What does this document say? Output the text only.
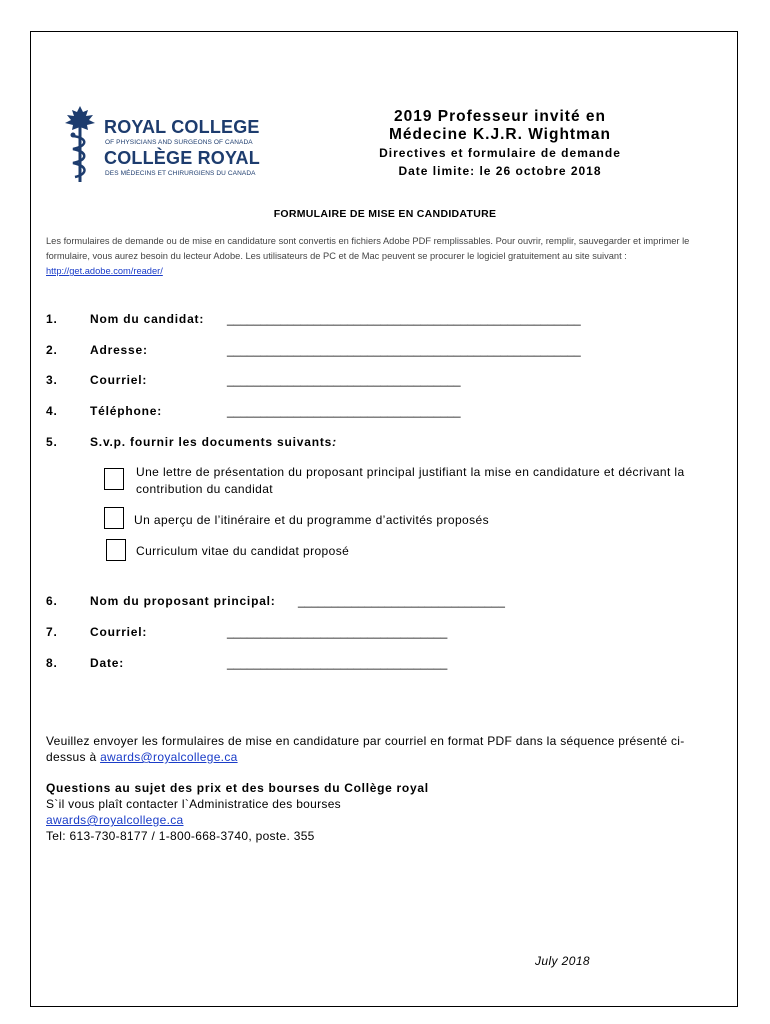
ROYAL COLLEGE
OF PHYSICIANS AND SURGEONS OF CANADA
COLLÈGE ROYAL
DES MÉDECINS ET CHIRURGIENS DU CANADA
2019 Professeur invité en
Médecine K.J.R. Wightman
Directives et formulaire de demande
Date limite: le 26 octobre 2018
FORMULAIRE DE MISE EN CANDIDATURE
Les formulaires de demande ou de mise en candidature sont convertis en fichiers Adobe PDF remplissables. Pour ouvrir, remplir, sauvegarder et imprimer le formulaire, vous aurez besoin du lecteur Adobe. Les utilisateurs de PC et de Mac peuvent se procurer le logiciel gratuitement au site suivant : http://get.adobe.com/reader/
1.	Nom du candidat: _____________________________________________________
2.	Adresse:	_____________________________________________________
3.	Courriel:	___________________________________
4.	Téléphone:	___________________________________
5.	S.v.p. fournir les documents suivants:
Une lettre de présentation du proposant principal justifiant la mise en candidature et décrivant la contribution du candidat
Un aperçu de l’itinéraire et du programme d’activités proposés
Curriculum vitae du candidat proposé
6.	Nom du proposant principal: _______________________________
7.	Courriel:	_________________________________
8.	Date:	_________________________________
Veuillez envoyer les formulaires de mise en candidature par courriel en format PDF dans la séquence présenté ci-dessus à awards@royalcollege.ca
Questions au sujet des prix et des bourses du Collège royal
S`il vous plaît contacter l`Administratice des bourses
awards@royalcollege.ca
Tel: 613-730-8177 / 1-800-668-3740, poste. 355
July 2018
